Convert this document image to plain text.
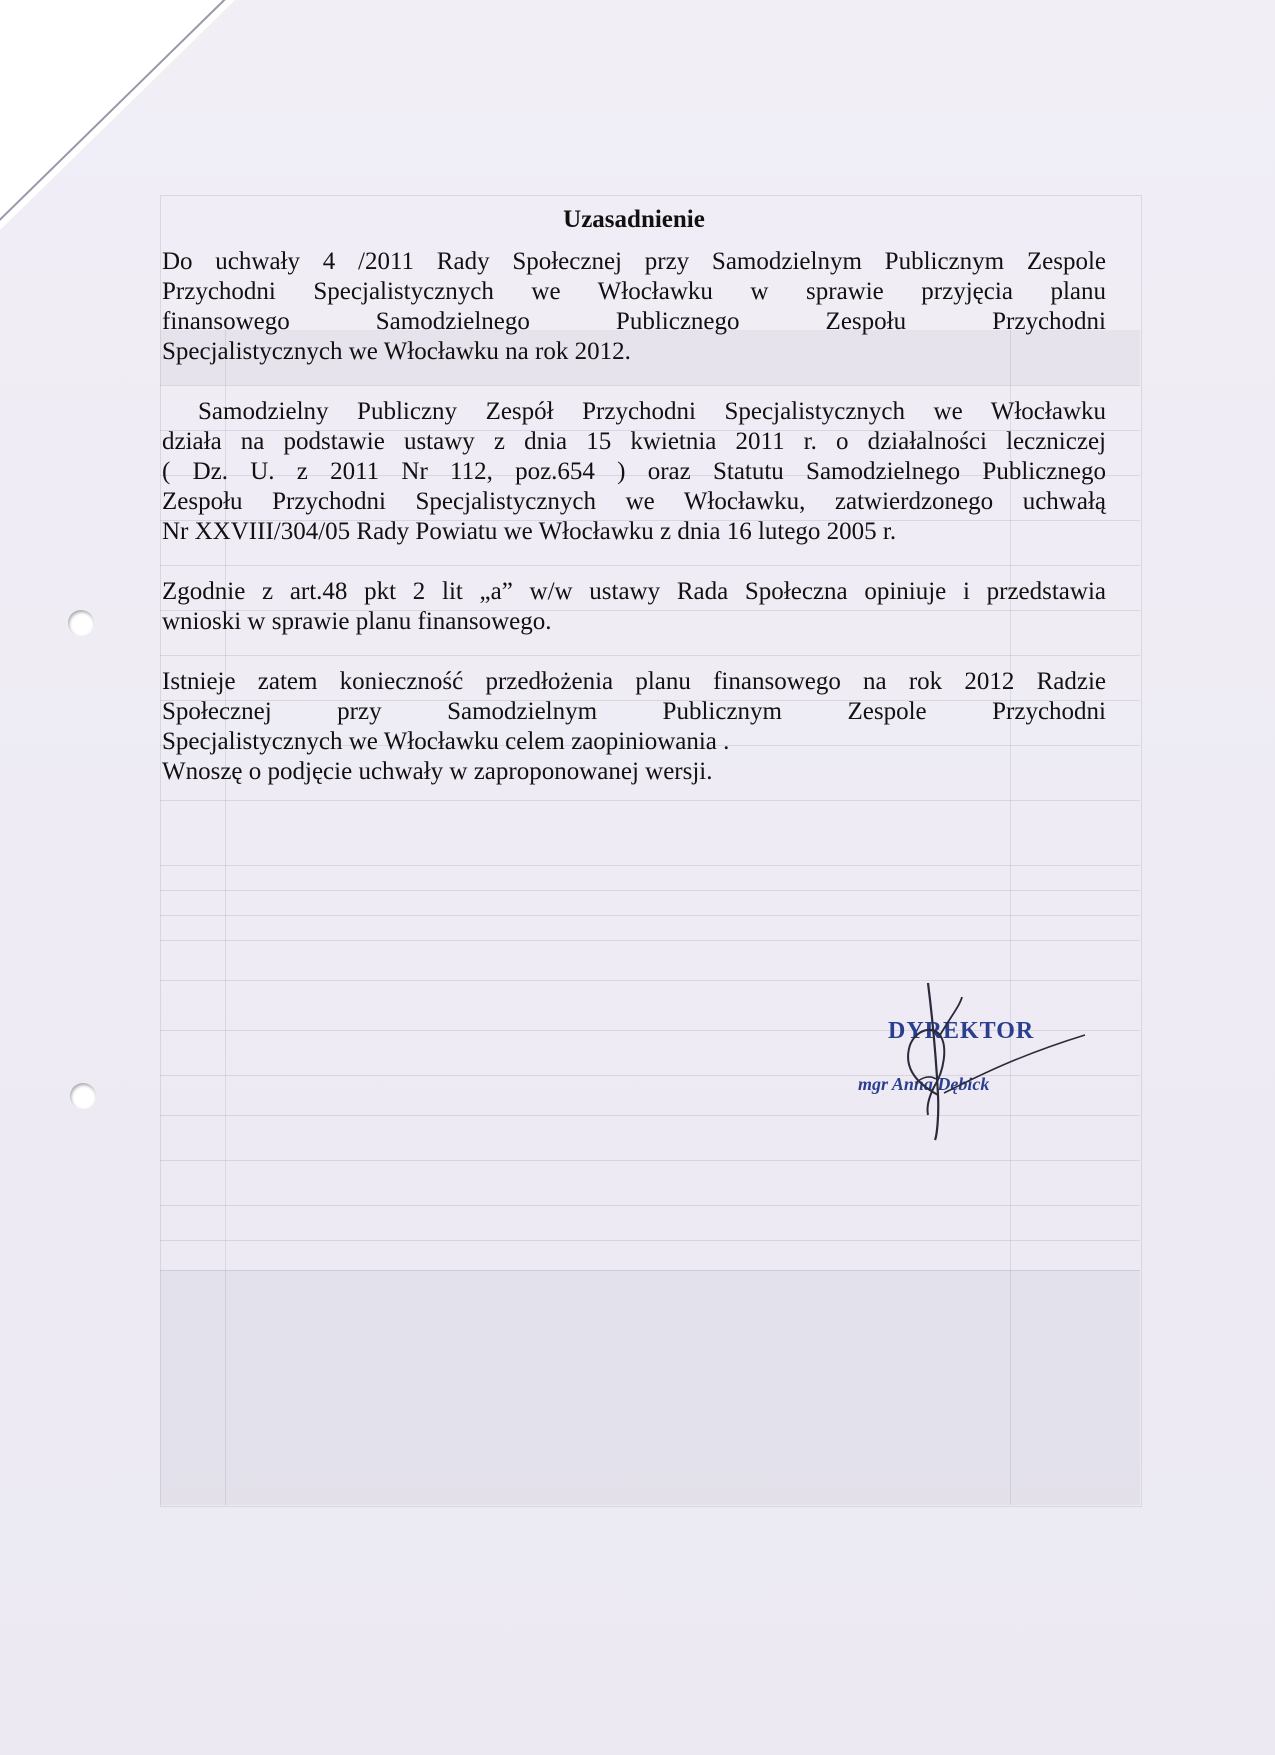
Uzasadnienie
Do uchwały 4 /2011 Rady Społecznej przy Samodzielnym Publicznym Zespole
Przychodni Specjalistycznych we Włocławku w sprawie przyjęcia planu
finansowego Samodzielnego Publicznego Zespołu Przychodni
Specjalistycznych we Włocławku na rok 2012.
Samodzielny Publiczny Zespół Przychodni Specjalistycznych we Włocławku
działa na podstawie ustawy z dnia 15 kwietnia 2011 r. o działalności leczniczej
( Dz. U. z 2011 Nr 112, poz.654 ) oraz Statutu Samodzielnego Publicznego
Zespołu Przychodni Specjalistycznych we Włocławku, zatwierdzonego uchwałą
Nr XXVIII/304/05 Rady Powiatu we Włocławku z dnia 16 lutego 2005 r.
Zgodnie z art.48 pkt 2 lit „a” w/w ustawy Rada Społeczna opiniuje i przedstawia
wnioski w sprawie planu finansowego.
Istnieje zatem konieczność przedłożenia planu finansowego na rok 2012 Radzie
Społecznej przy Samodzielnym Publicznym Zespole Przychodni
Specjalistycznych we Włocławku celem zaopiniowania .
Wnoszę o podjęcie uchwały w zaproponowanej wersji.
DYREKTOR
mgr Anna Dębick
